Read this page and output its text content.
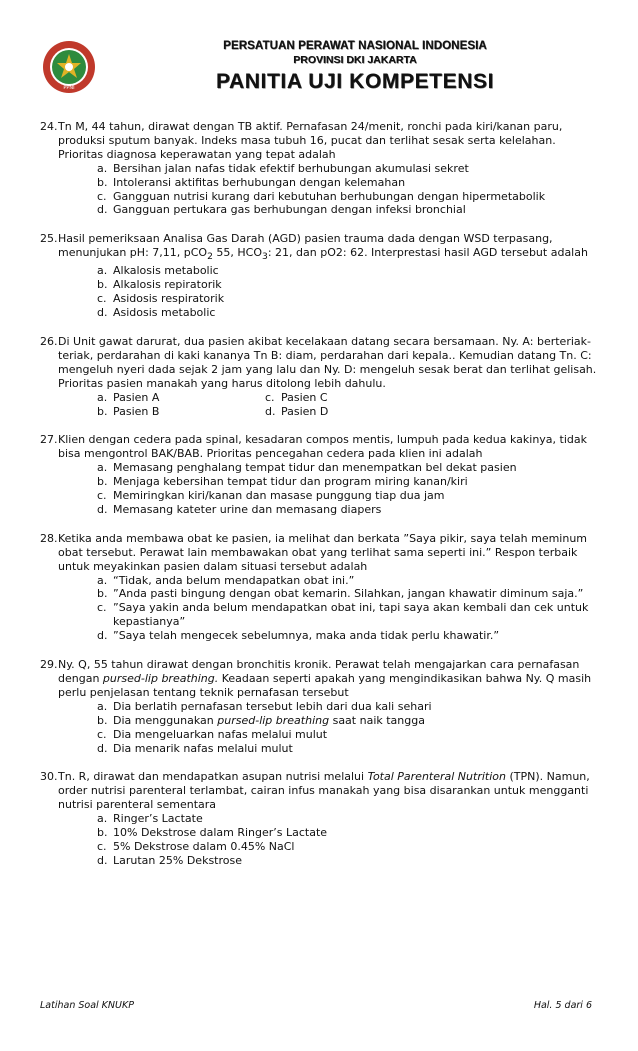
PPNI
PERSATUAN PERAWAT NASIONAL INDONESIA
PROVINSI DKI JAKARTA
PANITIA UJI KOMPETENSI
24. Tn M, 44 tahun, dirawat dengan TB aktif. Pernafasan 24/menit, ronchi pada kiri/kanan paru, produksi sputum banyak. Indeks masa tubuh 16, pucat dan terlihat sesak serta kelelahan. Prioritas diagnosa keperawatan yang tepat adalah
a. Bersihan jalan nafas tidak efektif berhubungan akumulasi sekret
b. Intoleransi aktifitas berhubungan dengan kelemahan
c. Gangguan nutrisi kurang dari kebutuhan berhubungan dengan hipermetabolik
d. Gangguan pertukara gas berhubungan dengan infeksi bronchial
25. Hasil pemeriksaan Analisa Gas Darah (AGD) pasien trauma dada dengan WSD terpasang, menunjukan pH: 7,11, pCO$_2$ 55, $HCO_3$: 21, dan pO2: 62. Interprestasi hasil AGD tersebut adalah
a. Alkalosis metabolic
b. Alkalosis repiratorik
c. Asidosis respiratorik
d. Asidosis metabolic
26. Di Unit gawat darurat, dua pasien akibat kecelakaan datang secara bersamaan. Ny. A: berteriak-teriak, perdarahan di kaki kananya Tn B: diam, perdarahan dari kepala.. Kemudian datang Tn. C: mengeluh nyeri dada sejak 2 jam yang lalu dan Ny. D: mengeluh sesak berat dan terlihat gelisah. Prioritas pasien manakah yang harus ditolong lebih dahulu.
a. Pasien A	c. Pasien C
b. Pasien B	d. Pasien D
27. Klien dengan cedera pada spinal, kesadaran compos mentis, lumpuh pada kedua kakinya, tidak bisa mengontrol BAK/BAB. Prioritas pencegahan cedera pada klien ini adalah
a. Memasang penghalang tempat tidur dan menempatkan bel dekat pasien
b. Menjaga kebersihan tempat tidur dan program miring kanan/kiri
c. Memiringkan kiri/kanan dan masase punggung tiap dua jam
d. Memasang kateter urine dan memasang diapers
28. Ketika anda membawa obat ke pasien, ia melihat dan berkata ”Saya pikir, saya telah meminum obat tersebut. Perawat lain membawakan obat yang terlihat sama seperti ini.” Respon terbaik untuk meyakinkan pasien dalam situasi tersebut adalah
a. “Tidak, anda belum mendapatkan obat ini.”
b. ”Anda pasti bingung dengan obat kemarin. Silahkan, jangan khawatir diminum saja.”
c. ”Saya yakin anda belum mendapatkan obat ini, tapi saya akan kembali dan cek untuk kepastianya”
d. ”Saya telah mengecek sebelumnya, maka anda tidak perlu khawatir.”
29. Ny. Q, 55 tahun dirawat dengan bronchitis kronik. Perawat telah mengajarkan cara pernafasan dengan pursed-lip breathing. Keadaan seperti apakah yang mengindikasikan bahwa Ny. Q masih perlu penjelasan tentang teknik pernafasan tersebut
a. Dia berlatih pernafasan tersebut lebih dari dua kali sehari
b. Dia menggunakan pursed-lip breathing saat naik tangga
c. Dia mengeluarkan nafas melalui mulut
d. Dia menarik nafas melalui mulut
30. Tn. R, dirawat dan mendapatkan asupan nutrisi melalui Total Parenteral Nutrition (TPN). Namun, order nutrisi parenteral terlambat, cairan infus manakah yang bisa disarankan untuk mengganti nutrisi parenteral sementara
a. Ringer’s Lactate
b. 10% Dekstrose dalam Ringer’s Lactate
c. 5% Dekstrose dalam 0.45% NaCl
d. Larutan 25% Dekstrose
Latihan Soal KNUKP	Hal. 5 dari 6
